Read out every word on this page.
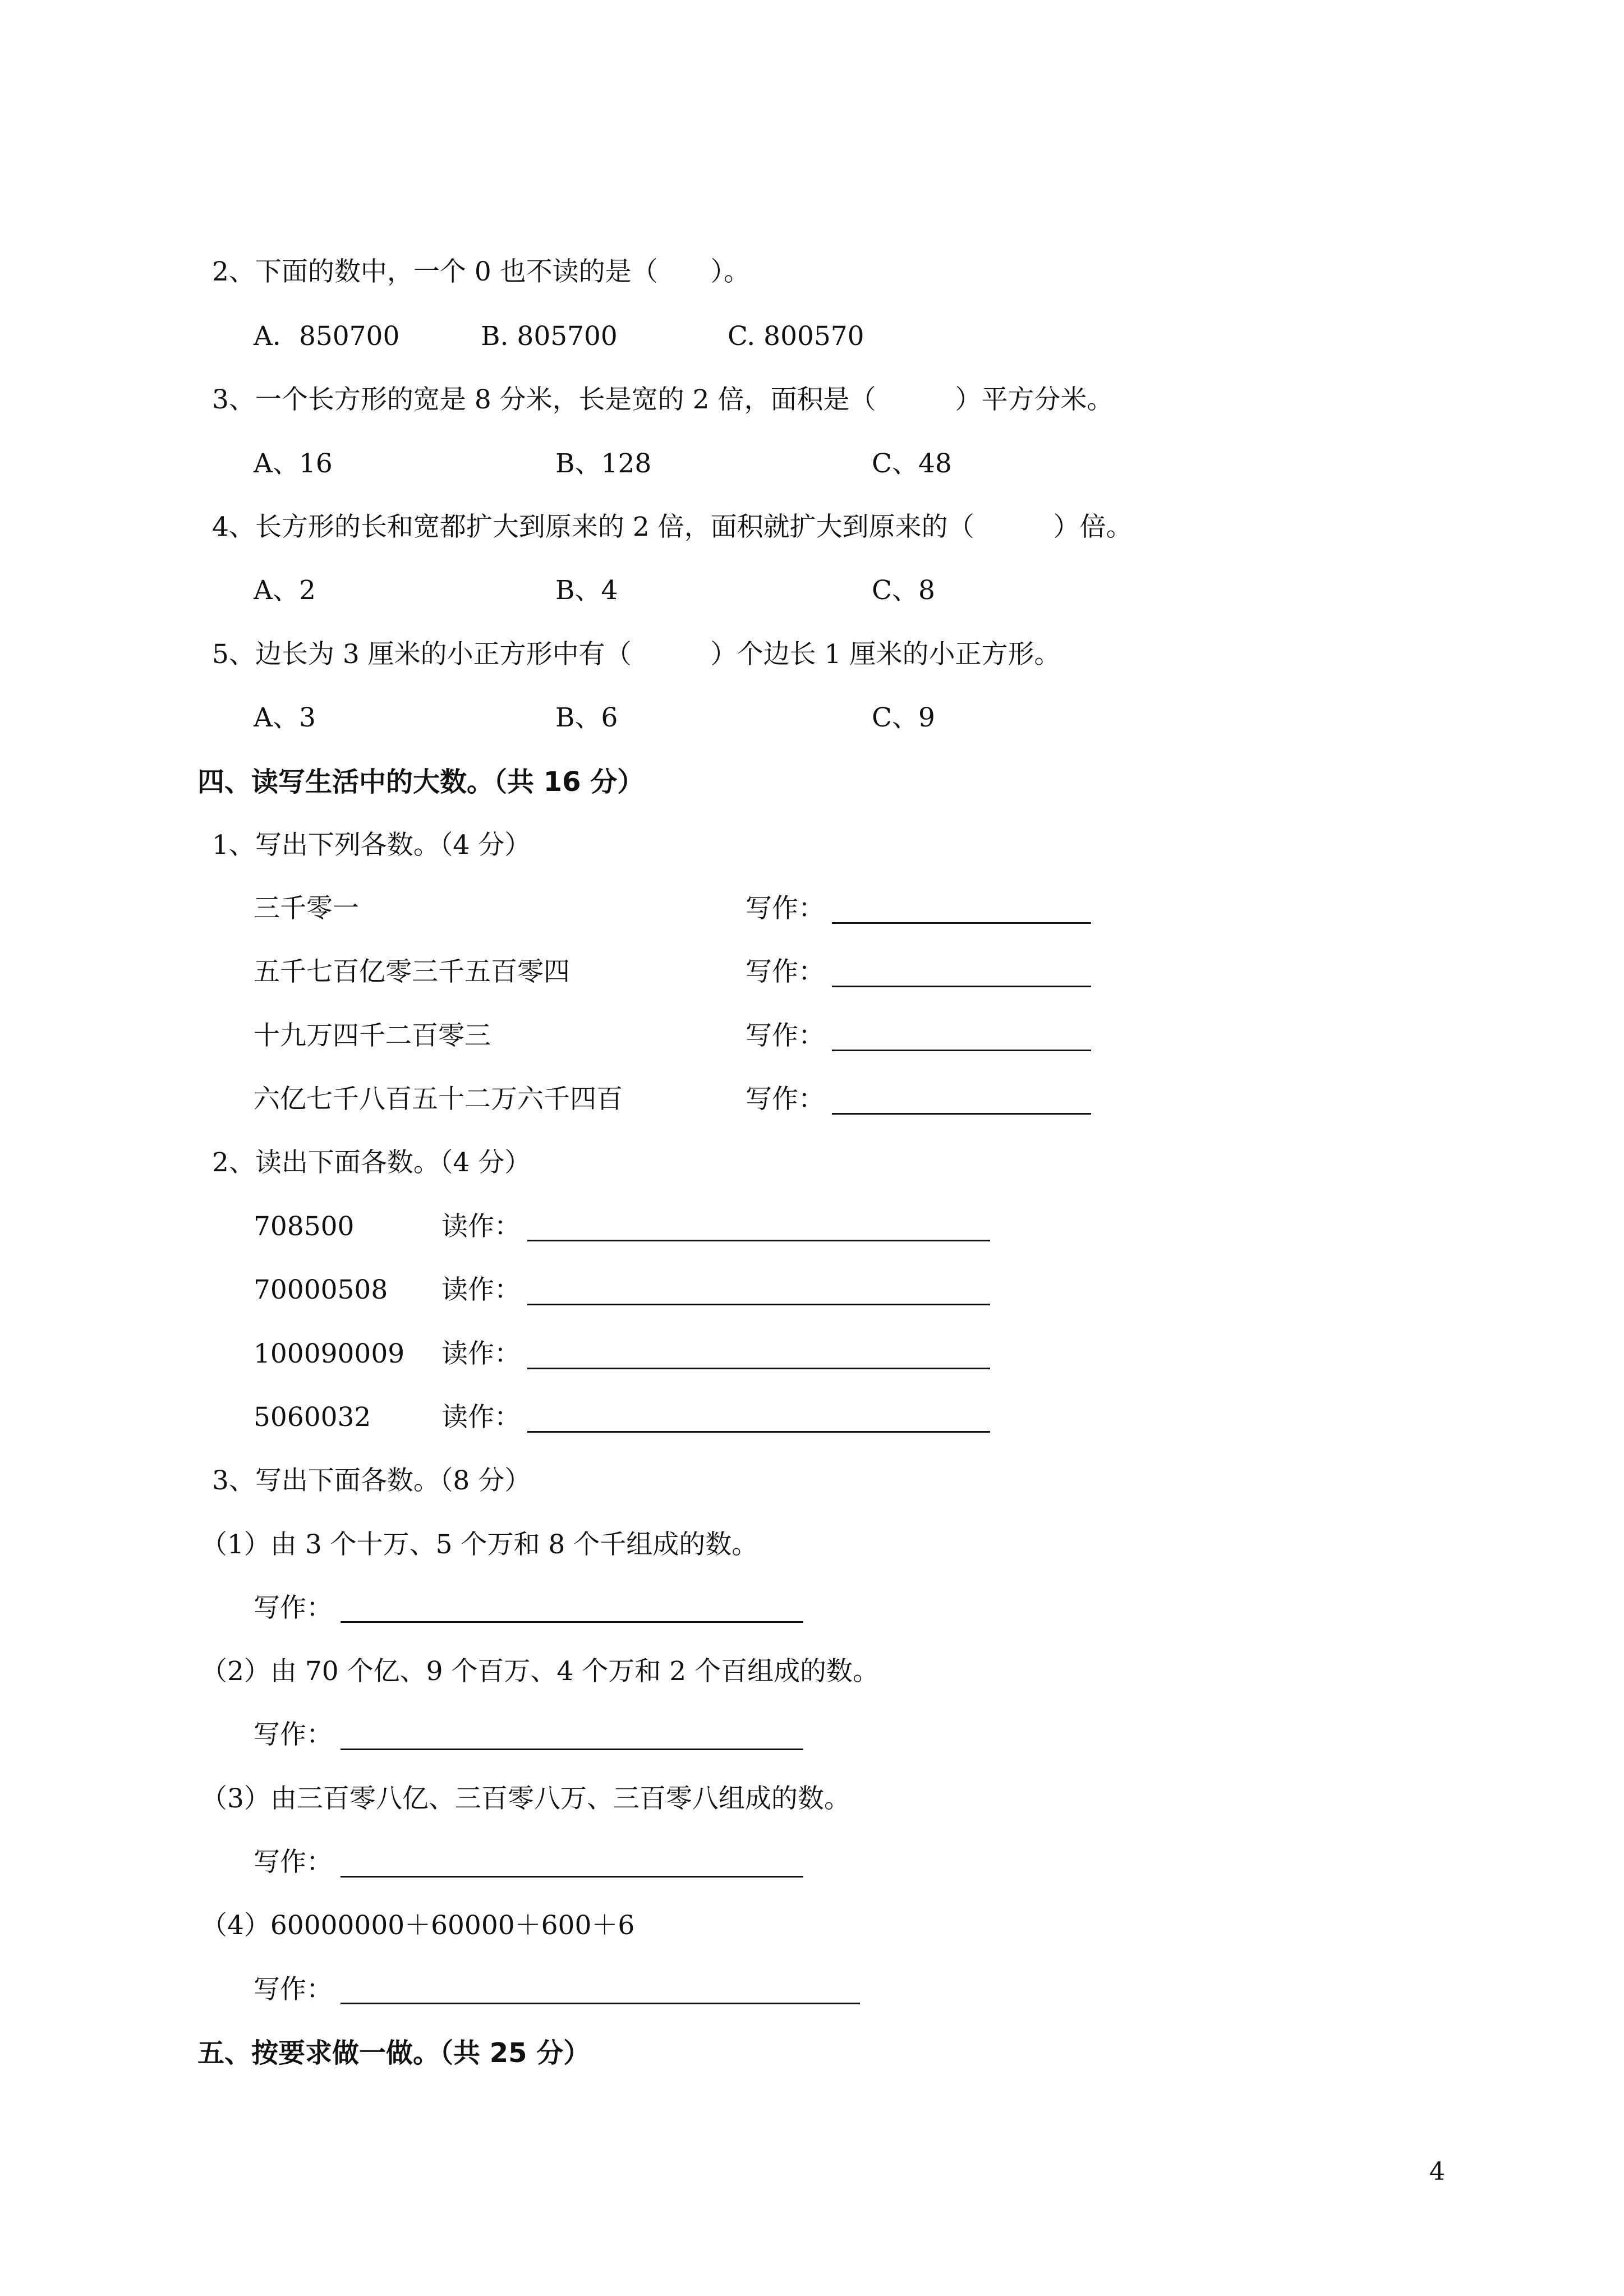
2、下面的数中，一个 0 也不读的是（　　）。
A．850700	B. 805700	C. 800570
3、一个长方形的宽是 8 分米，长是宽的 2 倍，面积是（　　　）平方分米。
A、16	B、128	C、48
4、长方形的长和宽都扩大到原来的 2 倍，面积就扩大到原来的（　　　）倍。
A、2	B、4	C、8
5、边长为 3 厘米的小正方形中有（　　　）个边长 1 厘米的小正方形。
A、3	B、6	C、9
四、读写生活中的大数。（共 16 分）
1、写出下列各数。（4 分）
三千零一	写作：
五千七百亿零三千五百零四	写作：
十九万四千二百零三	写作：
六亿七千八百五十二万六千四百	写作：
2、读出下面各数。（4 分）
708500	读作：
70000508 读作：
100090009 读作：
5060032	读作：
3、写出下面各数。（8 分）
（1）由 3 个十万、5 个万和 8 个千组成的数。
写作：
（2）由 70 个亿、9 个百万、4 个万和 2 个百组成的数。
写作：
（3）由三百零八亿、三百零八万、三百零八组成的数。
写作：
（4）60000000＋60000＋600＋6
写作：
五、按要求做一做。（共 25 分）
4
